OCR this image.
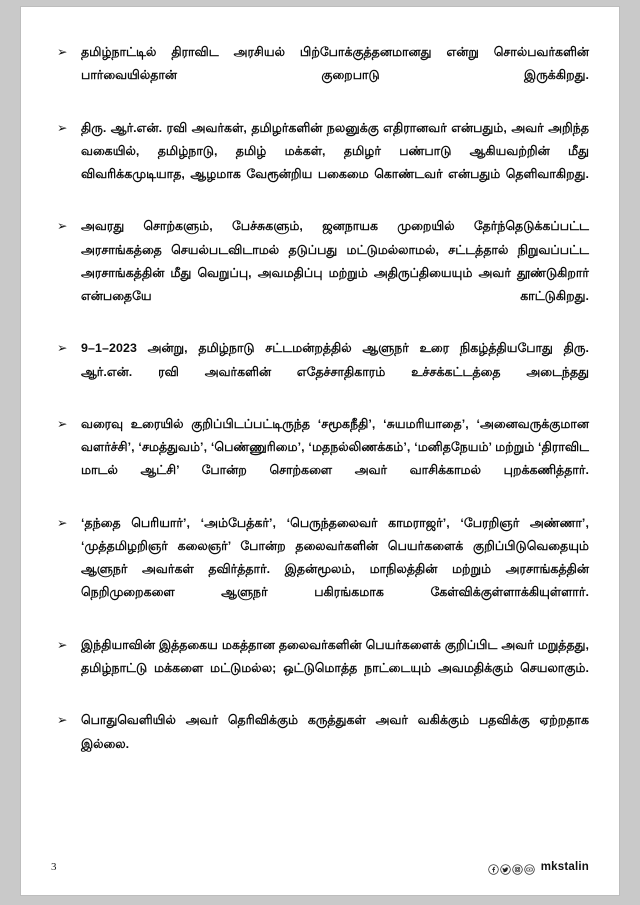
➢ தமிழ்நாட்டில் திராவிட அரசியல் பிற்போக்குத்தனமானது என்று சொல்பவர்களின் பார்வையில்தான் குறைபாடு இருக்கிறது.
➢ திரு. ஆர்.என். ரவி அவர்கள், தமிழர்களின் நலனுக்கு எதிரானவர் என்பதும், அவர் அறிந்த வகையில், தமிழ்நாடு, தமிழ் மக்கள், தமிழர் பண்பாடு ஆகியவற்றின் மீது விவரிக்கமுடியாத, ஆழமாக வேரூன்றிய பகைமை கொண்டவர் என்பதும் தெளிவாகிறது.
➢ அவரது சொற்களும், பேச்சுகளும், ஜனநாயக முறையில் தேர்ந்தெடுக்கப்பட்ட அரசாங்கத்தை செயல்படவிடாமல் தடுப்பது மட்டுமல்லாமல், சட்டத்தால் நிறுவப்பட்ட அரசாங்கத்தின் மீது வெறுப்பு, அவமதிப்பு மற்றும் அதிருப்தியையும் அவர் தூண்டுகிறார் என்பதையே காட்டுகிறது.
➢ 9–1–2023 அன்று, தமிழ்நாடு சட்டமன்றத்தில் ஆளுநர் உரை நிகழ்த்தியபோது திரு. ஆர்.என். ரவி அவர்களின் எதேச்சாதிகாரம் உச்சக்கட்டத்தை அடைந்தது
➢ வரைவு உரையில் குறிப்பிடப்பட்டிருந்த ‘சமூகநீதி’, ‘சுயமரியாதை’, ‘அனைவருக்குமான வளர்ச்சி’, ‘சமத்துவம்’, ‘பெண்ணுரிமை’, ‘மதநல்லிணக்கம்’, ‘மனிதநேயம்’ மற்றும் ‘திராவிட மாடல் ஆட்சி’ போன்ற சொற்களை அவர் வாசிக்காமல் புறக்கணித்தார்.
➢ ‘தந்தை பெரியார்’, ‘அம்பேத்கர்’, ‘பெருந்தலைவர் காமராஜர்’, ‘பேரறிஞர் அண்ணா’, ‘முத்தமிழறிஞர் கலைஞர்’ போன்ற தலைவர்களின் பெயர்களைக் குறிப்பிடுவெதையும் ஆளுநர் அவர்கள் தவிர்த்தார். இதன்மூலம், மாநிலத்தின் மற்றும் அரசாங்கத்தின் நெறிமுறைகளை ஆளுநர் பகிரங்கமாக கேள்விக்குள்ளாக்கியுள்ளார்.
➢ இந்தியாவின் இத்தகைய மகத்தான தலைவர்களின் பெயர்களைக் குறிப்பிட அவர் மறுத்தது, தமிழ்நாட்டு மக்களை மட்டுமல்ல; ஒட்டுமொத்த நாட்டையும் அவமதிக்கும் செயலாகும்.
➢ பொதுவெளியில் அவர் தெரிவிக்கும் கருத்துகள் அவர் வகிக்கும் பதவிக்கு ஏற்றதாக இல்லை.
3	mkstalin
